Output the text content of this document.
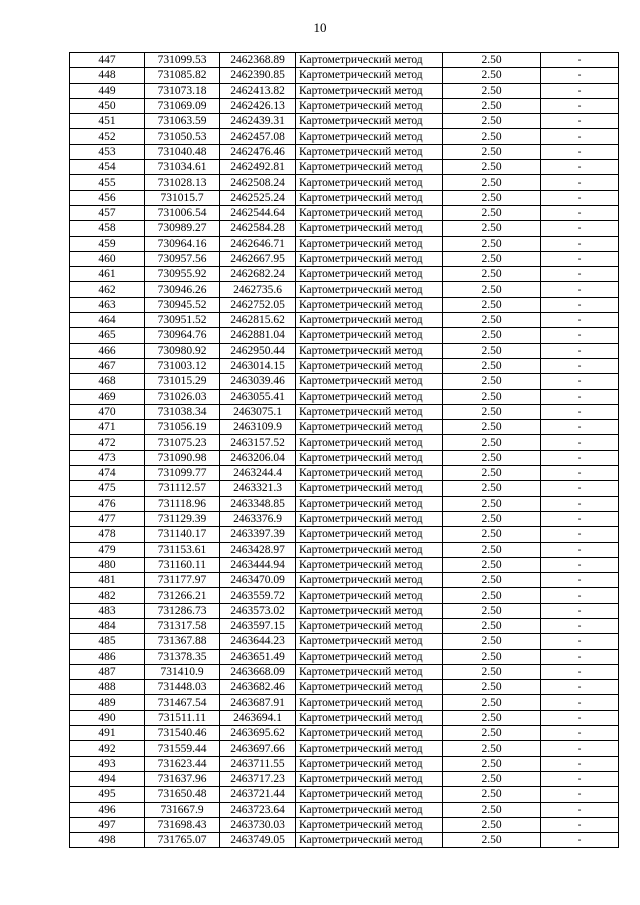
10
447	731099.53	2462368.89	Картометрический метод	2.50	-
448	731085.82	2462390.85	Картометрический метод	2.50	-
449	731073.18	2462413.82	Картометрический метод	2.50	-
450	731069.09	2462426.13	Картометрический метод	2.50	-
451	731063.59	2462439.31	Картометрический метод	2.50	-
452	731050.53	2462457.08	Картометрический метод	2.50	-
453	731040.48	2462476.46	Картометрический метод	2.50	-
454	731034.61	2462492.81	Картометрический метод	2.50	-
455	731028.13	2462508.24	Картометрический метод	2.50	-
456	731015.7	2462525.24	Картометрический метод	2.50	-
457	731006.54	2462544.64	Картометрический метод	2.50	-
458	730989.27	2462584.28	Картометрический метод	2.50	-
459	730964.16	2462646.71	Картометрический метод	2.50	-
460	730957.56	2462667.95	Картометрический метод	2.50	-
461	730955.92	2462682.24	Картометрический метод	2.50	-
462	730946.26	2462735.6	Картометрический метод	2.50	-
463	730945.52	2462752.05	Картометрический метод	2.50	-
464	730951.52	2462815.62	Картометрический метод	2.50	-
465	730964.76	2462881.04	Картометрический метод	2.50	-
466	730980.92	2462950.44	Картометрический метод	2.50	-
467	731003.12	2463014.15	Картометрический метод	2.50	-
468	731015.29	2463039.46	Картометрический метод	2.50	-
469	731026.03	2463055.41	Картометрический метод	2.50	-
470	731038.34	2463075.1	Картометрический метод	2.50	-
471	731056.19	2463109.9	Картометрический метод	2.50	-
472	731075.23	2463157.52	Картометрический метод	2.50	-
473	731090.98	2463206.04	Картометрический метод	2.50	-
474	731099.77	2463244.4	Картометрический метод	2.50	-
475	731112.57	2463321.3	Картометрический метод	2.50	-
476	731118.96	2463348.85	Картометрический метод	2.50	-
477	731129.39	2463376.9	Картометрический метод	2.50	-
478	731140.17	2463397.39	Картометрический метод	2.50	-
479	731153.61	2463428.97	Картометрический метод	2.50	-
480	731160.11	2463444.94	Картометрический метод	2.50	-
481	731177.97	2463470.09	Картометрический метод	2.50	-
482	731266.21	2463559.72	Картометрический метод	2.50	-
483	731286.73	2463573.02	Картометрический метод	2.50	-
484	731317.58	2463597.15	Картометрический метод	2.50	-
485	731367.88	2463644.23	Картометрический метод	2.50	-
486	731378.35	2463651.49	Картометрический метод	2.50	-
487	731410.9	2463668.09	Картометрический метод	2.50	-
488	731448.03	2463682.46	Картометрический метод	2.50	-
489	731467.54	2463687.91	Картометрический метод	2.50	-
490	731511.11	2463694.1	Картометрический метод	2.50	-
491	731540.46	2463695.62	Картометрический метод	2.50	-
492	731559.44	2463697.66	Картометрический метод	2.50	-
493	731623.44	2463711.55	Картометрический метод	2.50	-
494	731637.96	2463717.23	Картометрический метод	2.50	-
495	731650.48	2463721.44	Картометрический метод	2.50	-
496	731667.9	2463723.64	Картометрический метод	2.50	-
497	731698.43	2463730.03	Картометрический метод	2.50	-
498	731765.07	2463749.05	Картометрический метод	2.50	-
